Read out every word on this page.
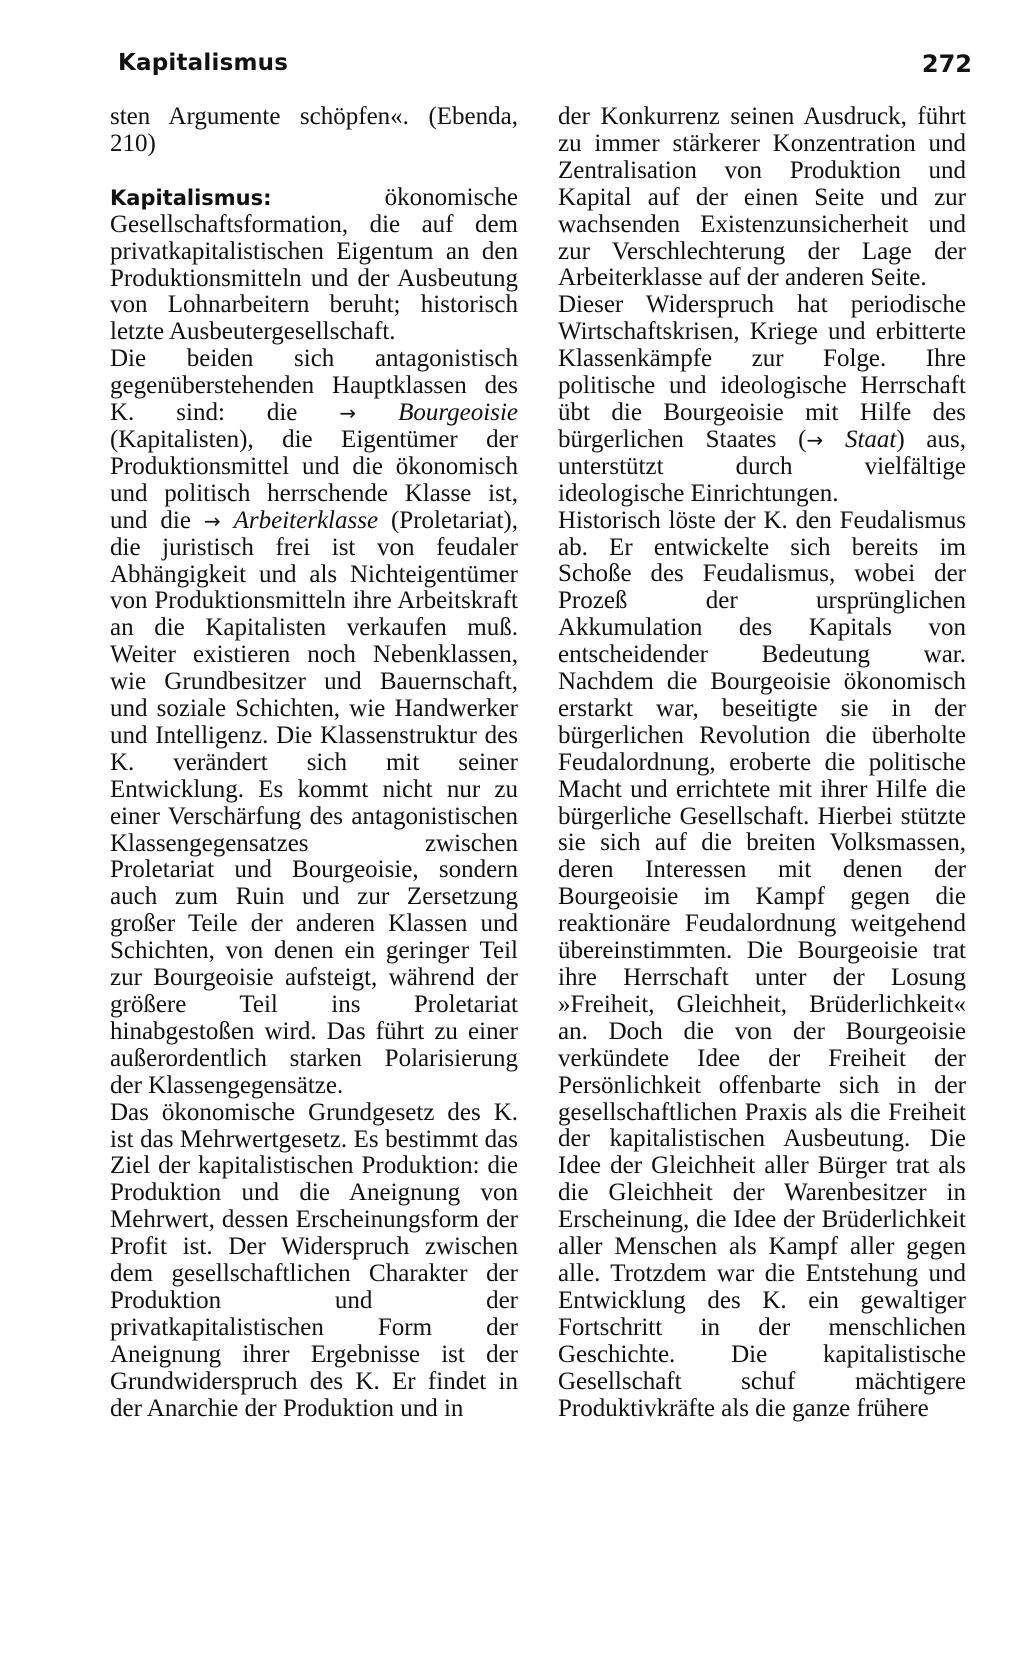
Kapitalismus	272

sten Argumente schöpfen«. (Ebenda, 210)

Kapitalismus: ökonomische Gesellschaftsformation, die auf dem privatkapitalistischen Eigentum an den Produktionsmitteln und der Ausbeutung von Lohnarbeitern beruht; historisch letzte Ausbeutergesellschaft.

Die beiden sich antagonistisch gegenüberstehenden Hauptklassen des K. sind: die → Bourgeoisie (Kapitalisten), die Eigentümer der Produktionsmittel und die ökonomisch und politisch herrschende Klasse ist, und die → Arbeiterklasse (Proletariat), die juristisch frei ist von feudaler Abhängigkeit und als Nichteigentümer von Produktionsmitteln ihre Arbeitskraft an die Kapitalisten verkaufen muß. Weiter existieren noch Nebenklassen, wie Grundbesitzer und Bauernschaft, und soziale Schichten, wie Handwerker und Intelligenz. Die Klassenstruktur des K. verändert sich mit seiner Entwicklung. Es kommt nicht nur zu einer Verschärfung des antagonistischen Klassengegensatzes zwischen Proletariat und Bourgeoisie, sondern auch zum Ruin und zur Zersetzung großer Teile der anderen Klassen und Schichten, von denen ein geringer Teil zur Bourgeoisie aufsteigt, während der größere Teil ins Proletariat hinabgestoßen wird. Das führt zu einer außerordentlich starken Polarisierung der Klassengegensätze.

Das ökonomische Grundgesetz des K. ist das Mehrwertgesetz. Es bestimmt das Ziel der kapitalistischen Produktion: die Produktion und die Aneignung von Mehrwert, dessen Erscheinungsform der Profit ist. Der Widerspruch zwischen dem gesellschaftlichen Charakter der Produktion und der privatkapitalistischen Form der Aneignung ihrer Ergebnisse ist der Grundwiderspruch des K. Er findet in der Anarchie der Produktion und in

der Konkurrenz seinen Ausdruck, führt zu immer stärkerer Konzentration und Zentralisation von Produktion und Kapital auf der einen Seite und zur wachsenden Existenzunsicherheit und zur Verschlechterung der Lage der Arbeiterklasse auf der anderen Seite.

Dieser Widerspruch hat periodische Wirtschaftskrisen, Kriege und erbitterte Klassenkämpfe zur Folge. Ihre politische und ideologische Herrschaft übt die Bourgeoisie mit Hilfe des bürgerlichen Staates (→ Staat) aus, unterstützt durch vielfältige ideologische Einrichtungen.

Historisch löste der K. den Feudalismus ab. Er entwickelte sich bereits im Schoße des Feudalismus, wobei der Prozeß der ursprünglichen Akkumulation des Kapitals von entscheidender Bedeutung war. Nachdem die Bourgeoisie ökonomisch erstarkt war, beseitigte sie in der bürgerlichen Revolution die überholte Feudalordnung, eroberte die politische Macht und errichtete mit ihrer Hilfe die bürgerliche Gesellschaft. Hierbei stützte sie sich auf die breiten Volksmassen, deren Interessen mit denen der Bourgeoisie im Kampf gegen die reaktionäre Feudalordnung weitgehend übereinstimmten. Die Bourgeoisie trat ihre Herrschaft unter der Losung »Freiheit, Gleichheit, Brüderlichkeit« an. Doch die von der Bourgeoisie verkündete Idee der Freiheit der Persönlichkeit offenbarte sich in der gesellschaftlichen Praxis als die Freiheit der kapitalistischen Ausbeutung. Die Idee der Gleichheit aller Bürger trat als die Gleichheit der Warenbesitzer in Erscheinung, die Idee der Brüderlichkeit aller Menschen als Kampf aller gegen alle. Trotzdem war die Entstehung und Entwicklung des K. ein gewaltiger Fortschritt in der menschlichen Geschichte. Die kapitalistische Gesellschaft schuf mächtigere Produktivkräfte als die ganze frühere
